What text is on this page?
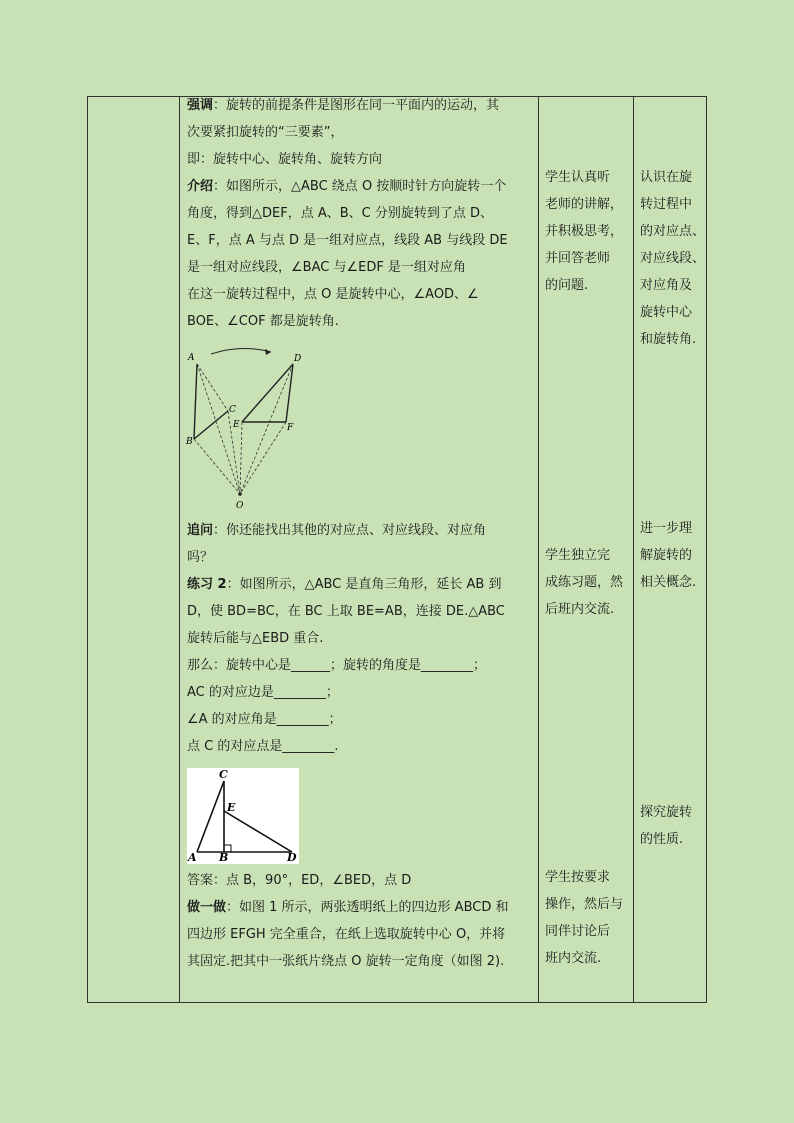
强调：旋转的前提条件是图形在同一平面内的运动，其
次要紧扣旋转的“三要素”，
即：旋转中心、旋转角、旋转方向
介绍：如图所示，△ABC 绕点 O 按顺时针方向旋转一个
角度，得到△DEF，点 A、B、C 分别旋转到了点 D、
E、F，点 A 与点 D 是一组对应点，线段 AB 与线段 DE
是一组对应线段，∠BAC 与∠EDF 是一组对应角
在这一旋转过程中，点 O 是旋转中心，∠AOD、∠
BOE、∠COF 都是旋转角.
A
B
C
D
E	F
O
追问：你还能找出其他的对应点、对应线段、对应角
吗？
练习 2：如图所示，△ABC 是直角三角形，延长 AB 到
D，使 BD=BC，在 BC 上取 BE=AB，连接 DE.△ABC
旋转后能与△EBD 重合.
那么：旋转中心是______；旋转的角度是________；
AC 的对应边是________；
∠A 的对应角是________；
点 C 的对应点是________.
C
E
A B	D
答案：点 B，90°，ED，∠BED，点 D
做一做：如图 1 所示，两张透明纸上的四边形 ABCD 和
四边形 EFGH 完全重合，在纸上选取旋转中心 O，并将
其固定.把其中一张纸片绕点 O 旋转一定角度（如图 2).
学生认真听
老师的讲解，
并积极思考，
并回答老师
的问题.
学生独立完
成练习题，然
后班内交流.
学生按要求
操作，然后与
同伴讨论后
班内交流.
认识在旋
转过程中
的对应点、
对应线段、
对应角及
旋转中心
和旋转角.
进一步理
解旋转的
相关概念.
探究旋转
的性质.
